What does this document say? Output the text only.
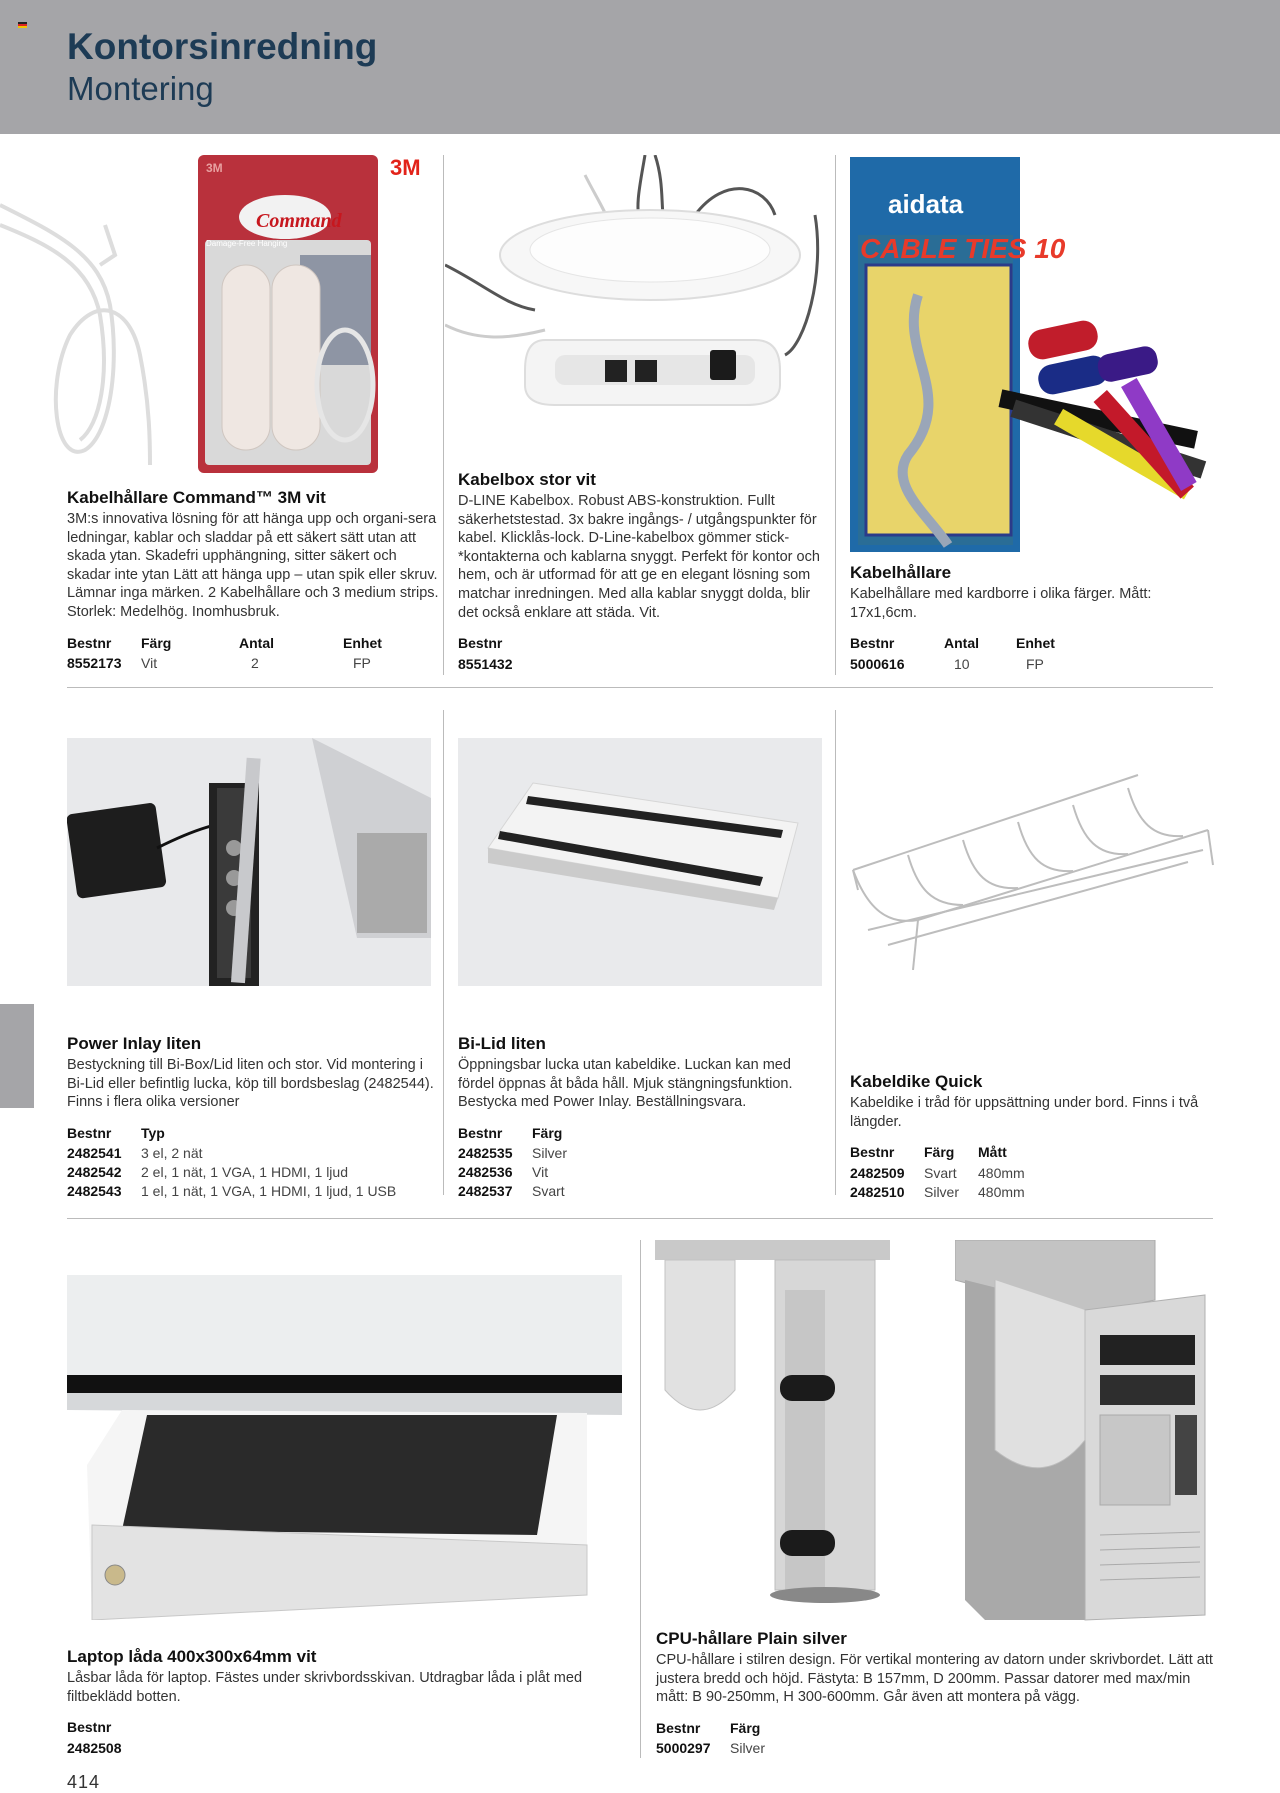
Kontorsinredning
Montering
Command
Damage-Free Hanging
3M	3M
aidata
CABLE TIES 10
Kabelhållare Command™ 3M vit
3M:s innovativa lösning för att hänga upp och organi-sera ledningar, kablar och sladdar på ett säkert sätt utan att skada ytan. Skadefri upphängning, sitter säkert och skadar inte ytan Lätt att hänga upp – utan spik eller skruv. Lämnar inga märken. 2 Kabelhållare och 3 medium strips. Storlek: Medelhög. Inomhusbruk.
Bestnr	Färg	Antal	Enhet
8552173	Vit	2	FP
Kabelbox stor vit
D-LINE Kabelbox. Robust ABS-konstruktion. Fullt säkerhetstestad. 3x bakre ingångs- / utgångspunkter för kabel. Klicklås-lock. D-Line-kabelbox gömmer stick-*kontakterna och kablarna snyggt. Perfekt för kontor och hem, och är utformad för att ge en elegant lösning som matchar inredningen. Med alla kablar snyggt dolda, blir det också enklare att städa. Vit.
Bestnr
8551432
Kabelhållare
Kabelhållare med kardborre i olika färger. Mått: 17x1,6cm.
Bestnr	Antal	Enhet
5000616	10	FP
Power Inlay liten
Bestyckning till Bi-Box/Lid liten och stor. Vid montering i Bi-Lid eller befintlig lucka, köp till bordsbeslag (2482544). Finns i flera olika versioner
Bestnr	Typ
2482541	3 el, 2 nät
2482542	2 el, 1 nät, 1 VGA, 1 HDMI, 1 ljud
2482543	1 el, 1 nät, 1 VGA, 1 HDMI, 1 ljud, 1 USB
Bi-Lid liten
Öppningsbar lucka utan kabeldike. Luckan kan med fördel öppnas åt båda håll. Mjuk stängningsfunktion. Bestycka med Power Inlay. Beställningsvara.
Bestnr	Färg
2482535	Silver
2482536	Vit
2482537	Svart
Kabeldike Quick
Kabeldike i tråd för uppsättning under bord. Finns i två längder.
Bestnr	Färg	Mått
2482509	Svart	480mm
2482510	Silver	480mm
Laptop låda 400x300x64mm vit
Låsbar låda för laptop. Fästes under skrivbordsskivan. Utdragbar låda i plåt med filtbeklädd botten.
Bestnr
2482508
CPU-hållare Plain silver
CPU-hållare i stilren design. För vertikal montering av datorn under skrivbordet. Lätt att justera bredd och höjd. Fästyta: B 157mm, D 200mm. Passar datorer med max/min mått: B 90-250mm, H 300-600mm. Går även att montera på vägg.
Bestnr	Färg
5000297	Silver
414
